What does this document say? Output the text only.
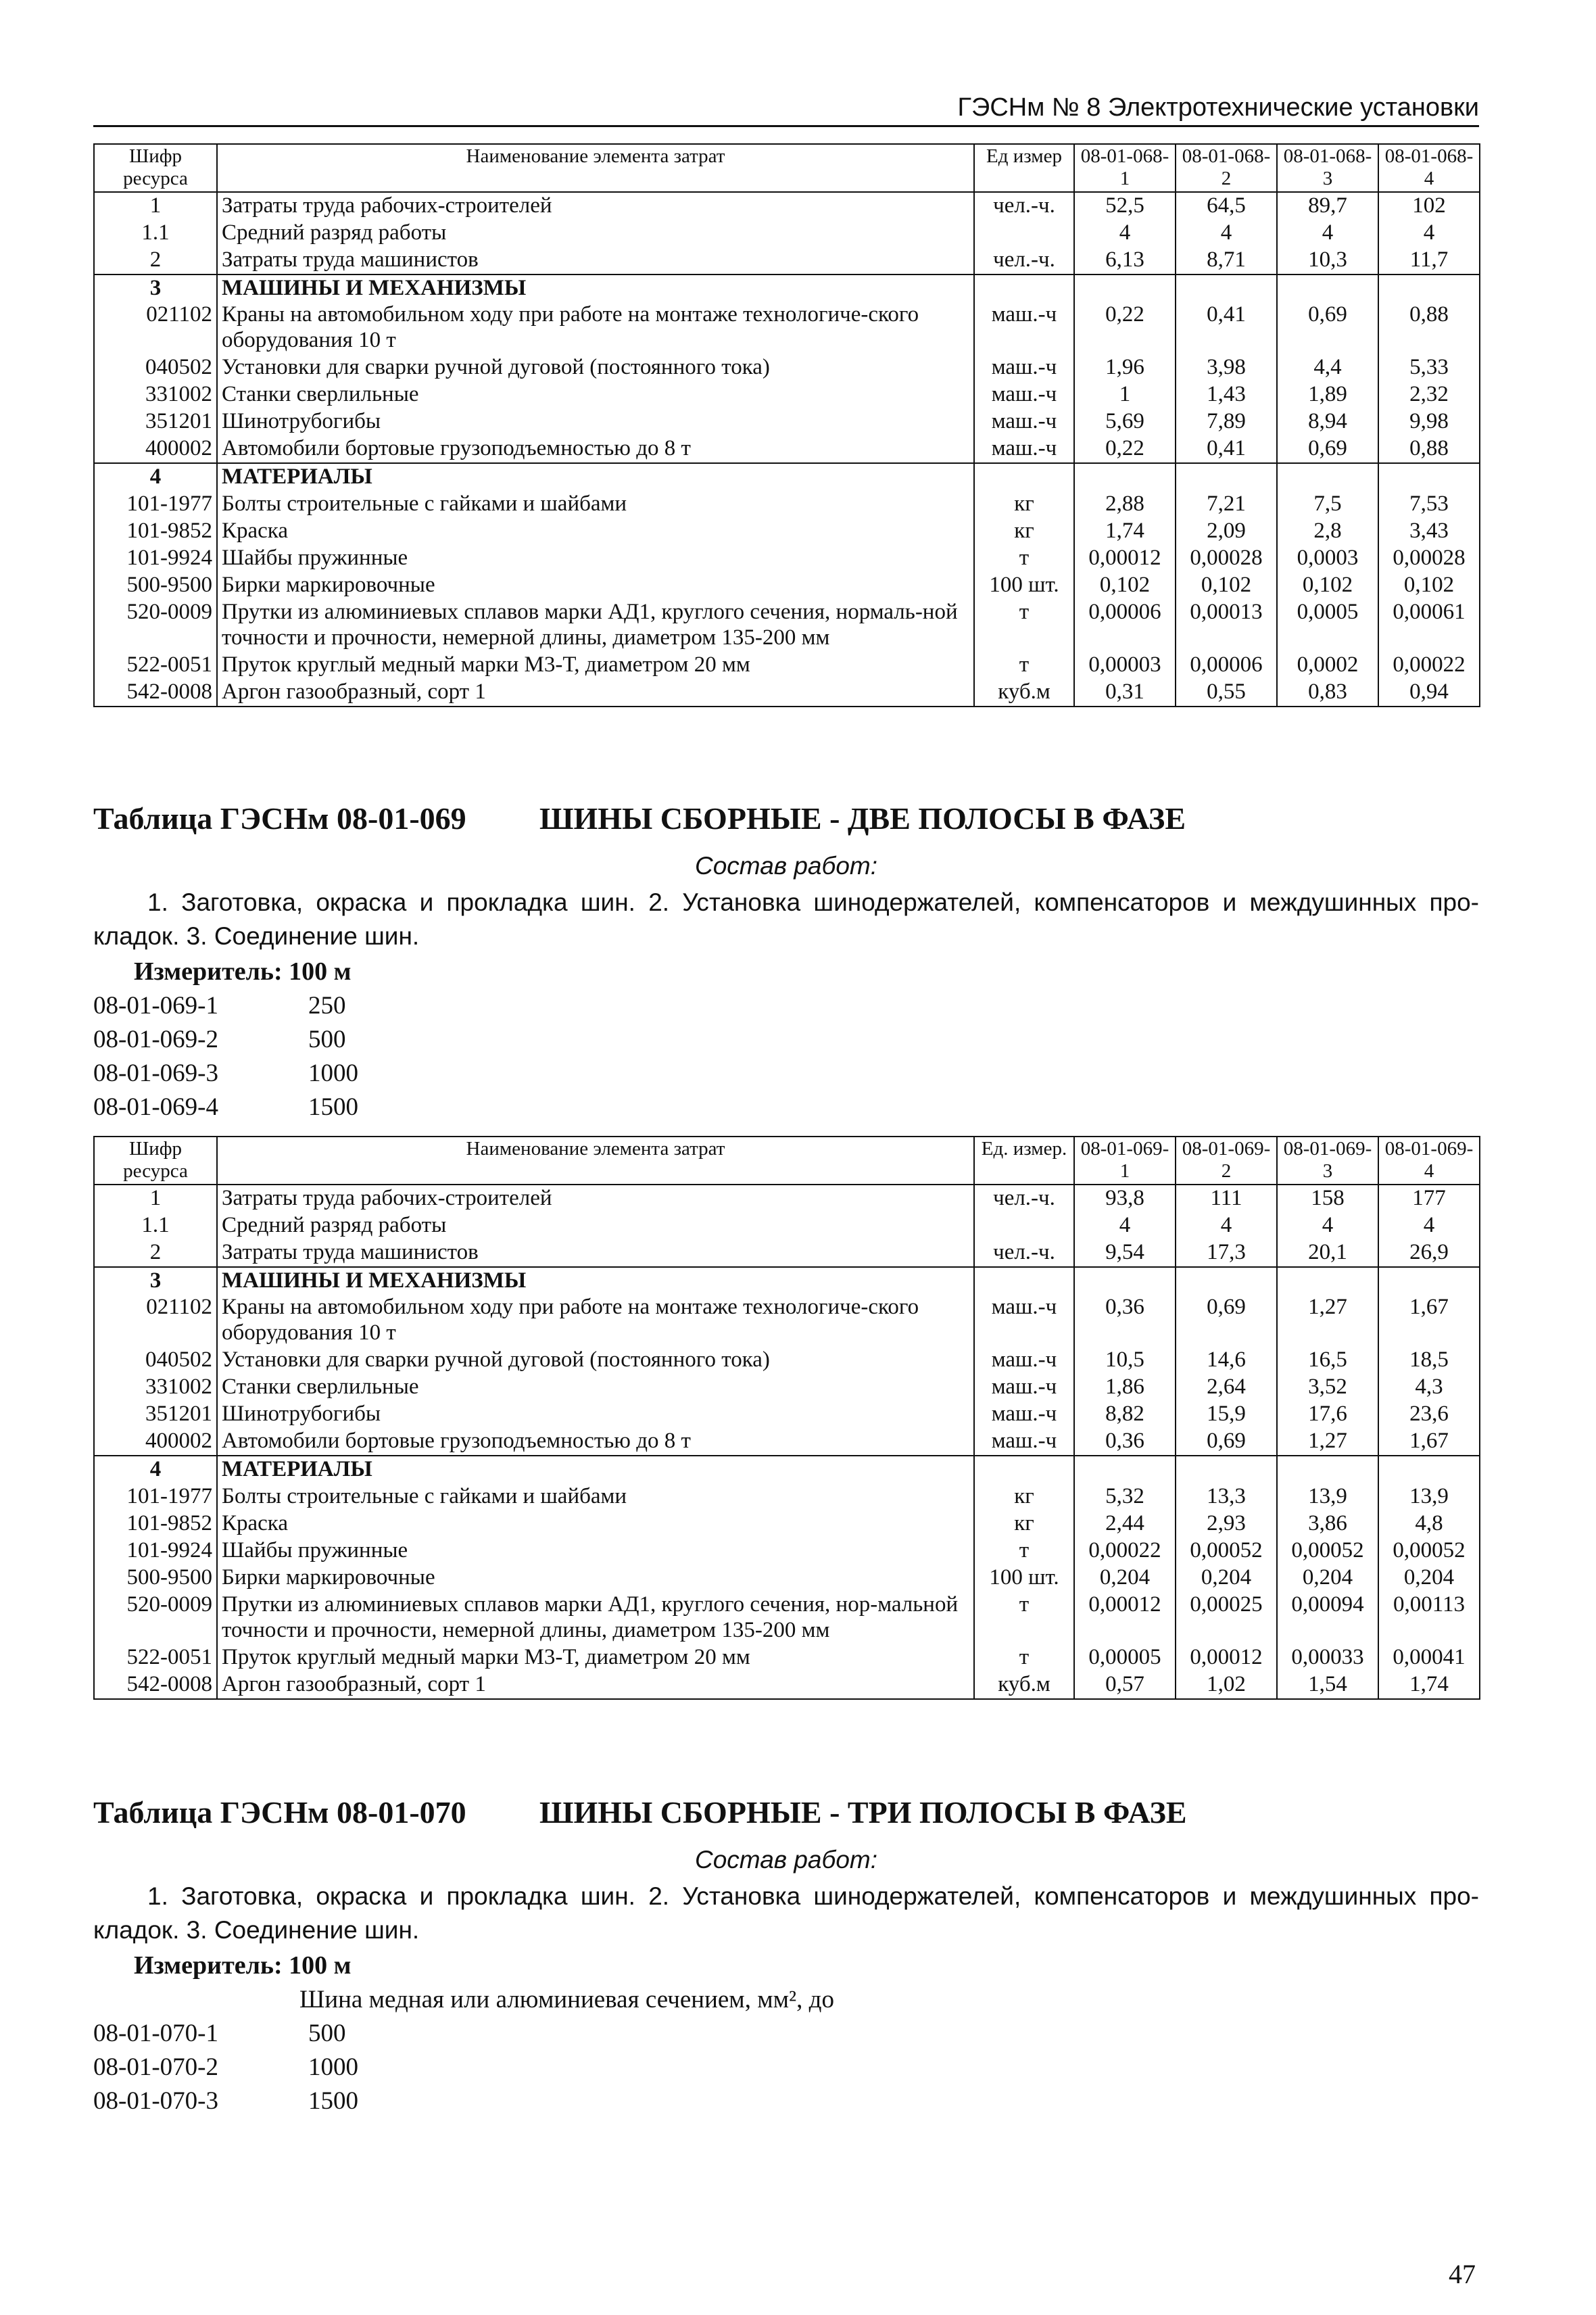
ГЭСНм № 8 Электротехнические установки
Шифр ресурса	Наименование элемента затрат	Ед измер	08-01-068-1	08-01-068-2	08-01-068-3	08-01-068-4
1	Затраты труда рабочих-строителей	чел.-ч.	52,5	64,5	89,7	102
1.1	Средний разряд работы		4	4	4	4
2	Затраты труда машинистов	чел.-ч.	6,13	8,71	10,3	11,7
3	МАШИНЫ И МЕХАНИЗМЫ					
021102	Краны на автомобильном ходу при работе на монтаже технологиче-ского оборудования 10 т	маш.-ч	0,22	0,41	0,69	0,88
040502	Установки для сварки ручной дуговой (постоянного тока)	маш.-ч	1,96	3,98	4,4	5,33
331002	Станки сверлильные	маш.-ч	1	1,43	1,89	2,32
351201	Шинотрубогибы	маш.-ч	5,69	7,89	8,94	9,98
400002	Автомобили бортовые грузоподъемностью до 8 т	маш.-ч	0,22	0,41	0,69	0,88
4	МАТЕРИАЛЫ					
101-1977	Болты строительные с гайками и шайбами	кг	2,88	7,21	7,5	7,53
101-9852	Краска	кг	1,74	2,09	2,8	3,43
101-9924	Шайбы пружинные	т	0,00012	0,00028	0,0003	0,00028
500-9500	Бирки маркировочные	100 шт.	0,102	0,102	0,102	0,102
520-0009	Прутки из алюминиевых сплавов марки АД1, круглого сечения, нормаль-ной точности и прочности, немерной длины, диаметром 135-200 мм	т	0,00006	0,00013	0,0005	0,00061
522-0051	Пруток круглый медный марки М3-Т, диаметром 20 мм	т	0,00003	0,00006	0,0002	0,00022
542-0008	Аргон газообразный, сорт 1	куб.м	0,31	0,55	0,83	0,94
Таблица ГЭСНм 08-01-069 ШИНЫ СБОРНЫЕ - ДВЕ ПОЛОСЫ В ФАЗЕ
Состав работ:

1. Заготовка, окраска и прокладка шин. 2. Установка шинодержателей, компенсаторов и междушинных про-кладок. 3. Соединение шин.

Измеритель: 100 м
08-01-069-1	250
08-01-069-2	500
08-01-069-3	1000
08-01-069-4	1500
Шифр ресурса	Наименование элемента затрат	Ед. измер.	08-01-069-1	08-01-069-2	08-01-069-3	08-01-069-4
1	Затраты труда рабочих-строителей	чел.-ч.	93,8	111	158	177
1.1	Средний разряд работы		4	4	4	4
2	Затраты труда машинистов	чел.-ч.	9,54	17,3	20,1	26,9
3	МАШИНЫ И МЕХАНИЗМЫ					
021102	Краны на автомобильном ходу при работе на монтаже технологиче-ского оборудования 10 т	маш.-ч	0,36	0,69	1,27	1,67
040502	Установки для сварки ручной дуговой (постоянного тока)	маш.-ч	10,5	14,6	16,5	18,5
331002	Станки сверлильные	маш.-ч	1,86	2,64	3,52	4,3
351201	Шинотрубогибы	маш.-ч	8,82	15,9	17,6	23,6
400002	Автомобили бортовые грузоподъемностью до 8 т	маш.-ч	0,36	0,69	1,27	1,67
4	МАТЕРИАЛЫ					
101-1977	Болты строительные с гайками и шайбами	кг	5,32	13,3	13,9	13,9
101-9852	Краска	кг	2,44	2,93	3,86	4,8
101-9924	Шайбы пружинные	т	0,00022	0,00052	0,00052	0,00052
500-9500	Бирки маркировочные	100 шт.	0,204	0,204	0,204	0,204
520-0009	Прутки из алюминиевых сплавов марки АД1, круглого сечения, нор-мальной точности и прочности, немерной длины, диаметром 135-200 мм	т	0,00012	0,00025	0,00094	0,00113
522-0051	Пруток круглый медный марки М3-Т, диаметром 20 мм	т	0,00005	0,00012	0,00033	0,00041
542-0008	Аргон газообразный, сорт 1	куб.м	0,57	1,02	1,54	1,74
Таблица ГЭСНм 08-01-070 ШИНЫ СБОРНЫЕ - ТРИ ПОЛОСЫ В ФАЗЕ
Состав работ:

1. Заготовка, окраска и прокладка шин. 2. Установка шинодержателей, компенсаторов и междушинных про-кладок. 3. Соединение шин.

Измеритель: 100 м
Шина медная или алюминиевая сечением, мм², до
08-01-070-1	500
08-01-070-2	1000
08-01-070-3	1500
47
